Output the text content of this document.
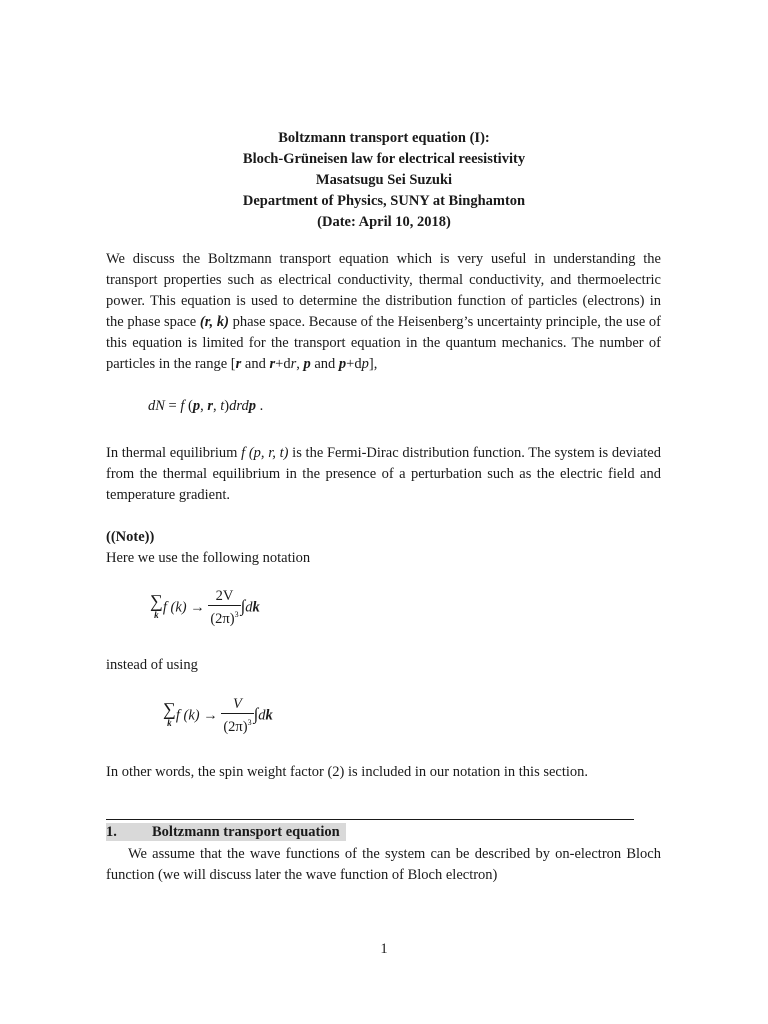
Boltzmann transport equation (I):
Bloch-Grüneisen law for electrical reesistivity
Masatsugu Sei Suzuki
Department of Physics, SUNY at Binghamton
(Date: April 10, 2018)
We discuss the Boltzmann transport equation which is very useful in understanding the transport properties such as electrical conductivity, thermal conductivity, and thermoelectric power. This equation is used to determine the distribution function of particles (electrons) in the phase space (r, k) phase space. Because of the Heisenberg’s uncertainty principle, the use of this equation is limited for the transport equation in the quantum mechanics. The number of particles in the range [r and r+dr, p and p+dp],
dN = f (p, r, t)drdp .
In thermal equilibrium f (p, r, t) is the Fermi-Dirac distribution function. The system is deviated from the thermal equilibrium in the presence of a perturbation such as the electric field and temperature gradient.
((Note))
Here we use the following notation
∑
k f $(k) \to \frac{2V}{(2\pi)^3} \int dk$
instead of using
∑
k f $(k) \to \frac{V}{(2\pi)^3} \int dk$
In other words, the spin weight factor (2) is included in our notation in this section.
1. Boltzmann transport equation
We assume that the wave functions of the system can be described by on-electron Bloch function (we will discuss later the wave function of Bloch electron)
1
